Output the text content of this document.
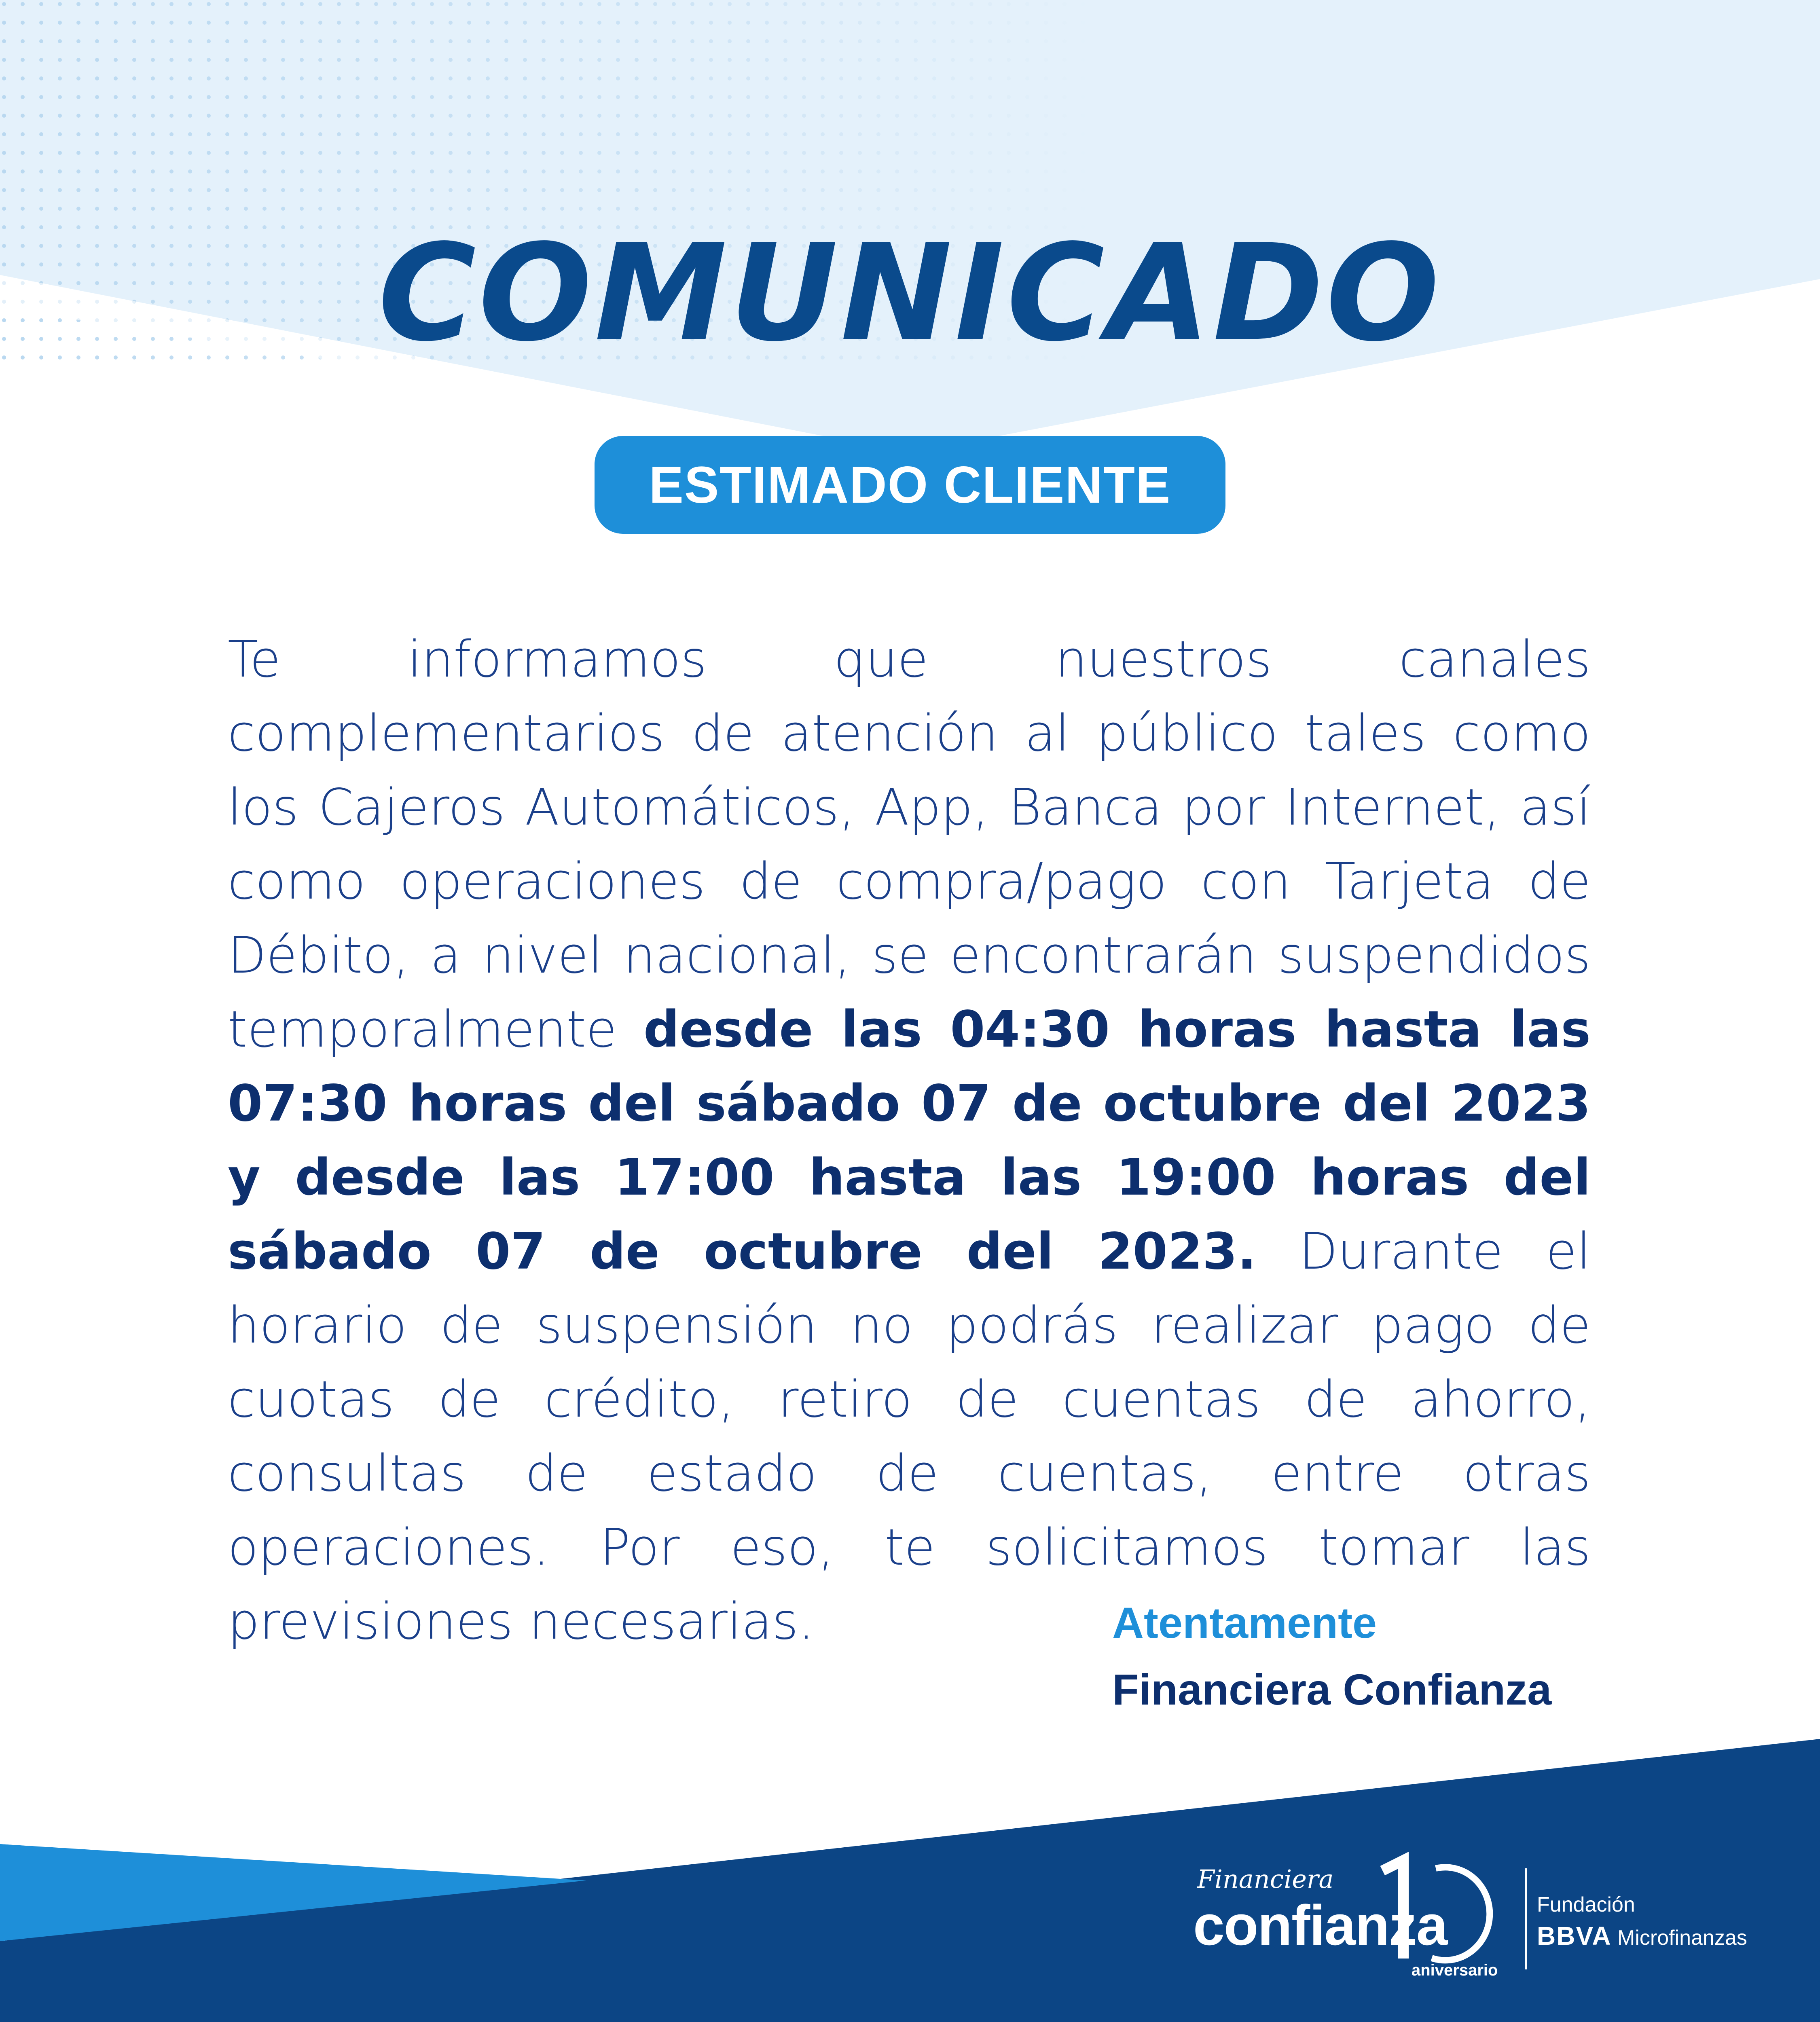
COMUNICADO
ESTIMADO CLIENTE
Te informamos que nuestros canales complementarios de atención al público tales como los Cajeros Automáticos, App, Banca por Internet, así como operaciones de compra/pago con Tarjeta de Débito, a nivel nacional, se encontrarán suspendidos temporalmente desde las 04:30 horas hasta las 07:30 horas del sábado 07 de octubre del 2023 y desde las 17:00 hasta las 19:00 horas del sábado 07 de octubre del 2023. Durante el horario de suspensión no podrás realizar pago de cuotas de crédito, retiro de cuentas de ahorro, consultas de estado de cuentas, entre otras operaciones. Por eso, te solicitamos tomar las previsiones necesarias.	Atentamente
Financiera Confianza
Financiera
confianza
aniversario
Fundación
BBVA Microfinanzas
